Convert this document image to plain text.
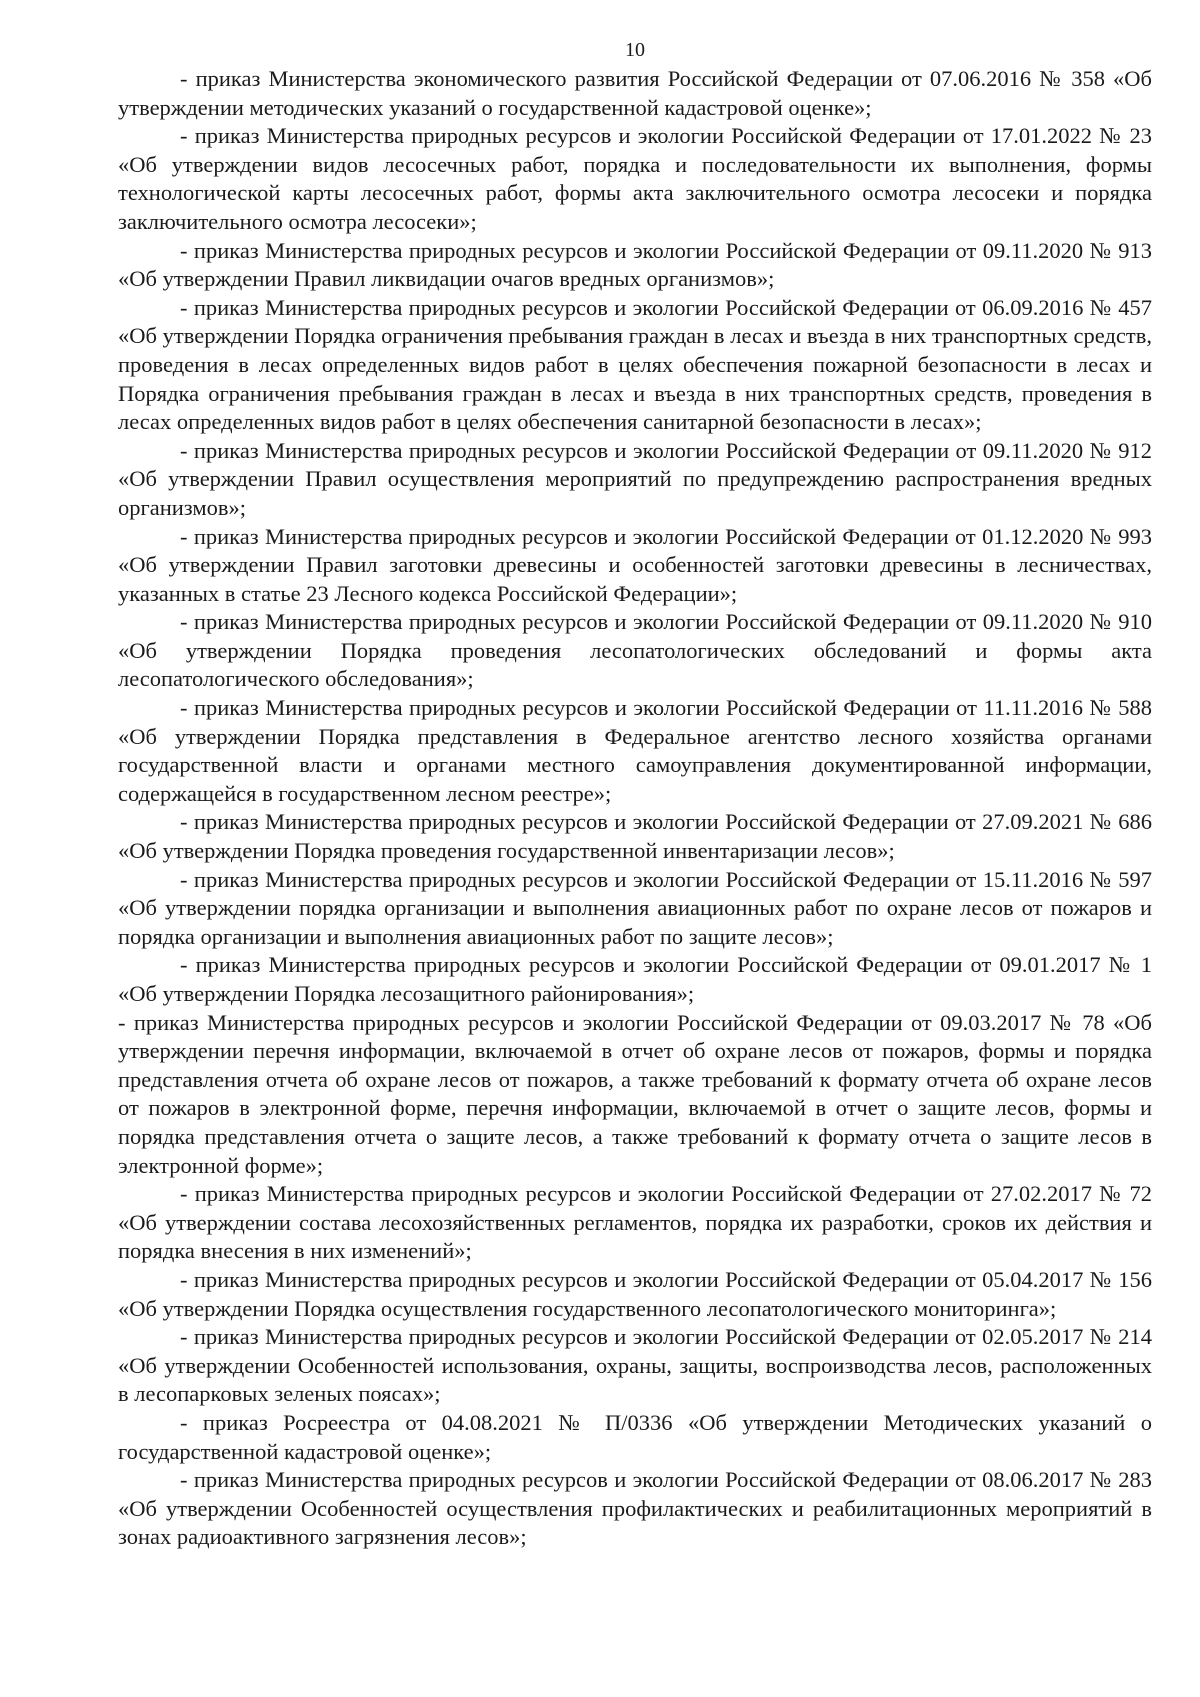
10

- приказ Министерства экономического развития Российской Федерации от 07.06.2016 № 358 «Об утверждении методических указаний о государственной кадастровой оценке»;

- приказ Министерства природных ресурсов и экологии Российской Федерации от 17.01.2022 № 23 «Об утверждении видов лесосечных работ, порядка и последовательности их выполнения, формы технологической карты лесосечных работ, формы акта заключительного осмотра лесосеки и порядка заключительного осмотра лесосеки»;

- приказ Министерства природных ресурсов и экологии Российской Федерации от 09.11.2020 № 913 «Об утверждении Правил ликвидации очагов вредных организмов»;

- приказ Министерства природных ресурсов и экологии Российской Федерации от 06.09.2016 № 457 «Об утверждении Порядка ограничения пребывания граждан в лесах и въезда в них транспортных средств, проведения в лесах определенных видов работ в целях обеспечения пожарной безопасности в лесах и Порядка ограничения пребывания граждан в лесах и въезда в них транспортных средств, проведения в лесах определенных видов работ в целях обеспечения санитарной безопасности в лесах»;

- приказ Министерства природных ресурсов и экологии Российской Федерации от 09.11.2020 № 912 «Об утверждении Правил осуществления мероприятий по предупреждению распространения вредных организмов»;

- приказ Министерства природных ресурсов и экологии Российской Федерации от 01.12.2020 № 993 «Об утверждении Правил заготовки древесины и особенностей заготовки древесины в лесничествах, указанных в статье 23 Лесного кодекса Российской Федерации»;

- приказ Министерства природных ресурсов и экологии Российской Федерации от 09.11.2020 № 910 «Об утверждении Порядка проведения лесопатологических обследований и формы акта лесопатологического обследования»;

- приказ Министерства природных ресурсов и экологии Российской Федерации от 11.11.2016 № 588 «Об утверждении Порядка представления в Федеральное агентство лесного хозяйства органами государственной власти и органами местного самоуправления документированной информации, содержащейся в государственном лесном реестре»;

- приказ Министерства природных ресурсов и экологии Российской Федерации от 27.09.2021 № 686 «Об утверждении Порядка проведения государственной инвентаризации лесов»;

- приказ Министерства природных ресурсов и экологии Российской Федерации от 15.11.2016 № 597 «Об утверждении порядка организации и выполнения авиационных работ по охране лесов от пожаров и порядка организации и выполнения авиационных работ по защите лесов»;

- приказ Министерства природных ресурсов и экологии Российской Федерации от 09.01.2017 № 1 «Об утверждении Порядка лесозащитного районирования»;

- приказ Министерства природных ресурсов и экологии Российской Федерации от 09.03.2017 № 78 «Об утверждении перечня информации, включаемой в отчет об охране лесов от пожаров, формы и порядка представления отчета об охране лесов от пожаров, а также требований к формату отчета об охране лесов от пожаров в электронной форме, перечня информации, включаемой в отчет о защите лесов, формы и порядка представления отчета о защите лесов, а также требований к формату отчета о защите лесов в электронной форме»;

- приказ Министерства природных ресурсов и экологии Российской Федерации от 27.02.2017 № 72 «Об утверждении состава лесохозяйственных регламентов, порядка их разработки, сроков их действия и порядка внесения в них изменений»;

- приказ Министерства природных ресурсов и экологии Российской Федерации от 05.04.2017 № 156 «Об утверждении Порядка осуществления государственного лесопатологического мониторинга»;

- приказ Министерства природных ресурсов и экологии Российской Федерации от 02.05.2017 № 214 «Об утверждении Особенностей использования, охраны, защиты, воспроизводства лесов, расположенных в лесопарковых зеленых поясах»;

- приказ Росреестра от 04.08.2021 № П/0336 «Об утверждении Методических указаний о государственной кадастровой оценке»;

- приказ Министерства природных ресурсов и экологии Российской Федерации от 08.06.2017 № 283 «Об утверждении Особенностей осуществления профилактических и реабилитационных мероприятий в зонах радиоактивного загрязнения лесов»;
